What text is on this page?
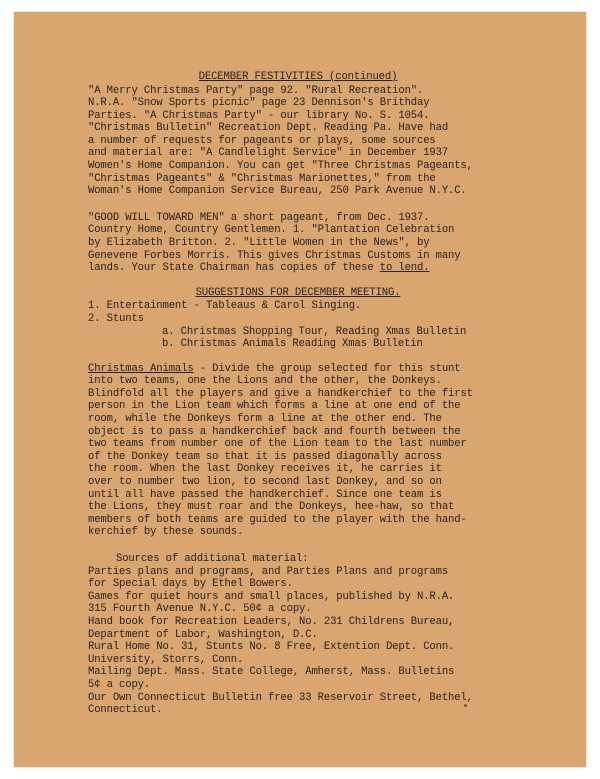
DECEMBER FESTIVITIES (continued)
"A Merry Christmas Party" page 92. "Rural Recreation".
N.R.A. "Snow Sports picnic" page 23 Dennison's Brithday
Parties. "A Christmas Party" - our library No. S. 1054.
"Christmas Bulletin" Recreation Dept. Reading Pa. Have had
a number of requests for pageants or plays, some sources
and material are: "A Candlelight Service" in December 1937
Women's Home Companion. You can get "Three Christmas Pageants,
"Christmas Pageants" & "Christmas Marionettes," from the
Woman's Home Companion Service Bureau, 250 Park Avenue N.Y.C.
"GOOD WILL TOWARD MEN" a short pageant, from Dec. 1937.
Country Home, Country Gentlemen. 1. "Plantation Celebration
by Elizabeth Britton. 2. "Little Women in the News", by
Genevene Forbes Morris. This gives Christmas Customs in many
lands. Your State Chairman has copies of these to lend.
SUGGESTIONS FOR DECEMBER MEETING.
1. Entertainment - Tableaus & Carol Singing.
2. Stunts
a. Christmas Shopping Tour, Reading Xmas Bulletin
b. Christmas Animals Reading Xmas Bulletin
Christmas Animals - Divide the group selected for this stunt
into two teams, one the Lions and the other, the Donkeys.
Blindfold all the players and give a handkerchief to the first
person in the Lion team which forms a line at one end of the
room, while the Donkeys form a line at the other end. The
object is to pass a handkerchief back and fourth between the
two teams from number one of the Lion team to the last number
of the Donkey team so that it is passed diagonally across
the room. When the last Donkey receives it, he carries it
over to number two lion, to second last Donkey, and so on
until all have passed the handkerchief. Since one team is
the Lions, they must roar and the Donkeys, hee-haw, so that
members of both teams are guided to the player with the hand-
kerchief by these sounds.
Sources of additional material:
Parties plans and programs, and Parties Plans and programs
for Special days by Ethel Bowers.
Games for quiet hours and small places, published by N.R.A.
315 Fourth Avenue N.Y.C. 50¢ a copy.
Hand book for Recreation Leaders, No. 231 Childrens Bureau,
Department of Labor, Washington, D.C.
Rural Home No. 31, Stunts No. 8 Free, Extention Dept. Conn.
University, Storrs, Conn.
Mailing Dept. Mass. State College, Amherst, Mass. Bulletins
5¢ a copy.
Our Own Connecticut Bulletin free 33 Reservoir Street, Bethel,
Connecticut.
